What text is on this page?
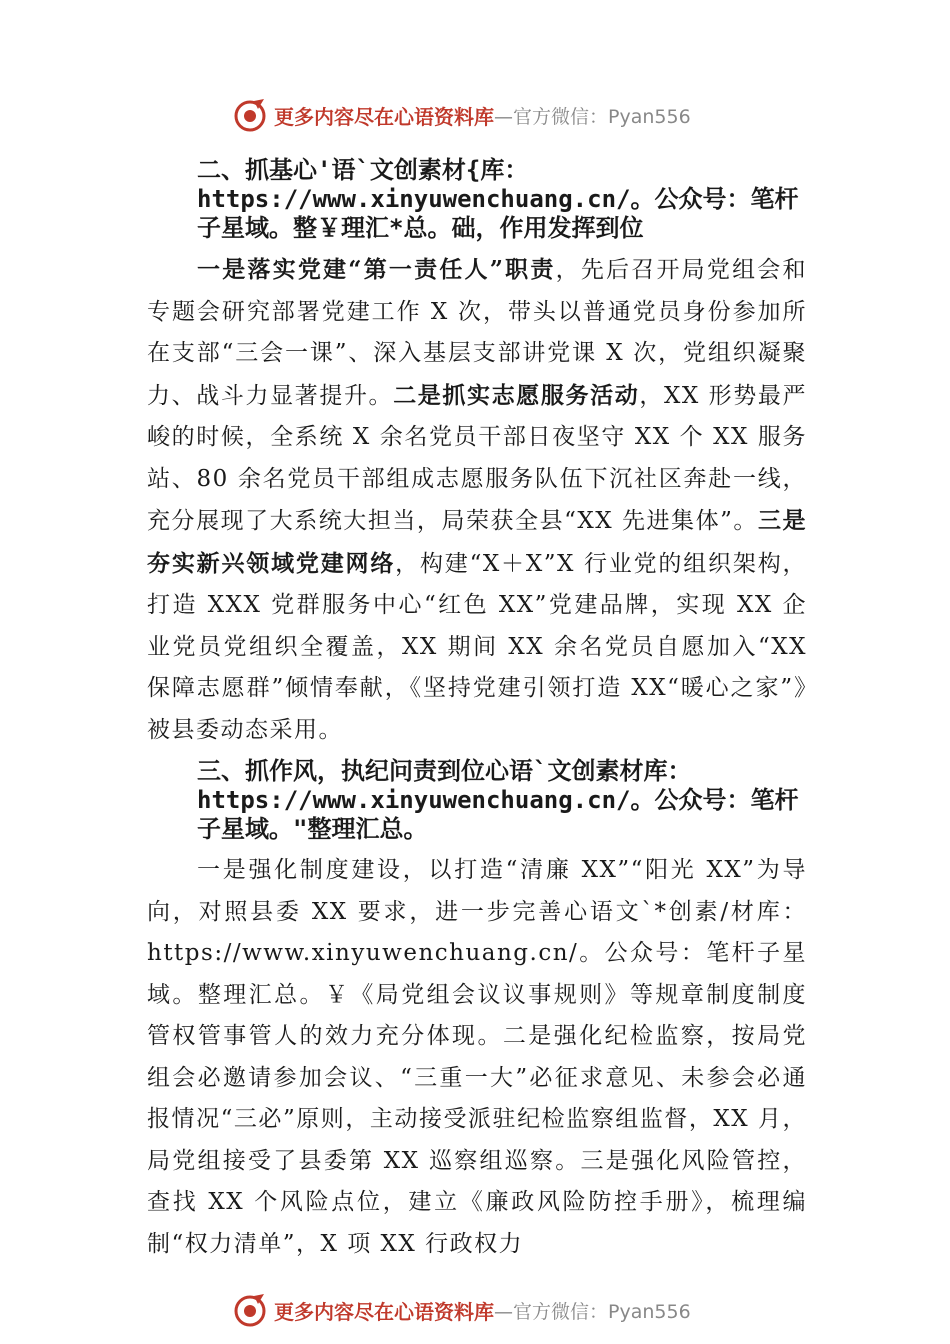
更多内容尽在心语资料库 —官方微信：Pyan556

二、抓基心'语`文创素材{库：https://www.xinyuwenchuang.cn/。公众号：笔杆子星域。整￥理汇*总。础，作用发挥到位

一是落实党建“第一责任人”职责，先后召开局党组会和专题会研究部署党建工作 X 次，带头以普通党员身份参加所在支部“三会一课”、深入基层支部讲党课 X 次，党组织凝聚力、战斗力显著提升。二是抓实志愿服务活动，XX 形势最严峻的时候，全系统 X 余名党员干部日夜坚守 XX 个 XX 服务站、80 余名党员干部组成志愿服务队伍下沉社区奔赴一线，充分展现了大系统大担当，局荣获全县“XX 先进集体”。三是夯实新兴领域党建网络，构建“X＋X”X 行业党的组织架构，打造 XXX 党群服务中心“红色 XX”党建品牌，实现 XX 企业党员党组织全覆盖，XX 期间 XX 余名党员自愿加入“XX 保障志愿群”倾情奉献，《坚持党建引领打造 XX“暖心之家”》被县委动态采用。

三、抓作风，执纪问责到位心语`文创素材库：https://www.xinyuwenchuang.cn/。公众号：笔杆子星域。"整理汇总。

一是强化制度建设，以打造“清廉 XX”“阳光 XX”为导向，对照县委 XX 要求，进一步完善心语文`*创素/材库：https://www.xinyuwenchuang.cn/。公众号：笔杆子星域。整理汇总。￥《局党组会议议事规则》等规章制度制度管权管事管人的效力充分体现。二是强化纪检监察，按局党组会必邀请参加会议、“三重一大”必征求意见、未参会必通报情况“三必”原则，主动接受派驻纪检监察组监督，XX 月，局党组接受了县委第 XX 巡察组巡察。三是强化风险管控，查找 XX 个风险点位，建立《廉政风险防控手册》，梳理编制“权力清单”，X 项 XX 行政权力

更多内容尽在心语资料库 —官方微信：Pyan556
